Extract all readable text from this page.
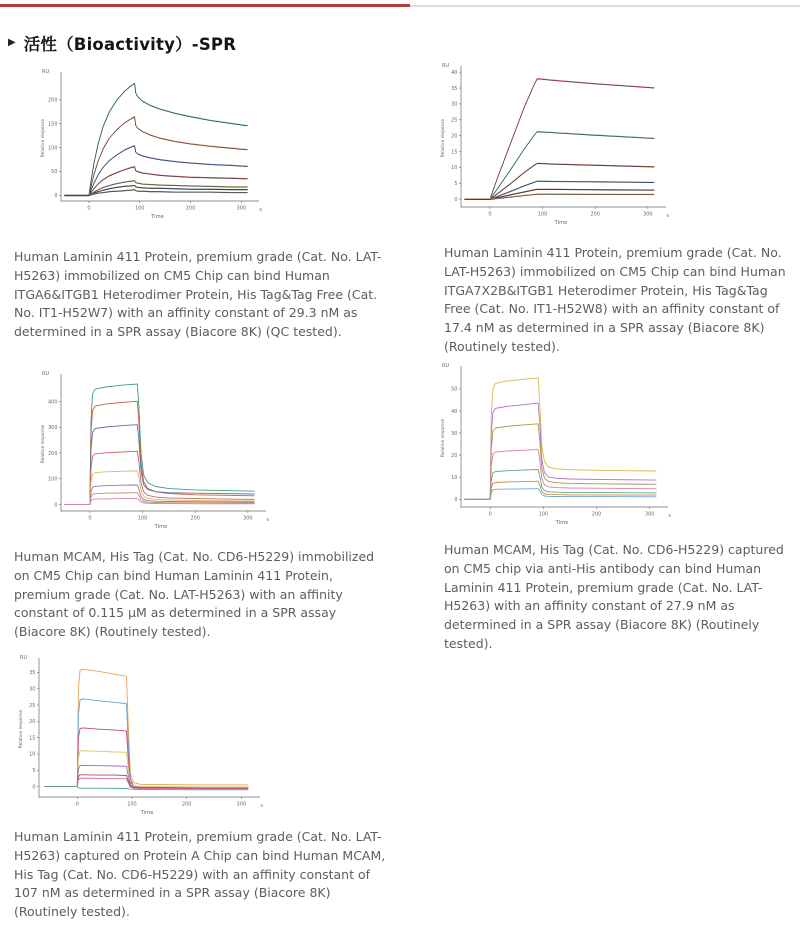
▶ 活性（Bioactivity）-SPR
0
50
100
150
200
0	100	200	300
RU
Relative response
Time
s
0
5
10
15
20
25
30
35
40
0	100	200	300
RU
Relative response
Time
s

Human Laminin 411 Protein, premium grade (Cat. No. LAT-H5263) immobilized on CM5 Chip can bind Human ITGA6&ITGB1 Heterodimer Protein, His Tag&Tag Free (Cat. No. IT1-H52W7) with an affinity constant of 29.3 nM as determined in a SPR assay (Biacore 8K) (QC tested).

Human Laminin 411 Protein, premium grade (Cat. No. LAT-H5263) immobilized on CM5 Chip can bind Human ITGA7X2B&ITGB1 Heterodimer Protein, His Tag&Tag Free (Cat. No. IT1-H52W8) with an affinity constant of 17.4 nM as determined in a SPR assay (Biacore 8K) (Routinely tested).

0
100
200
300
400
0	100	200	300
RU
Relative response
Time
s
0
10
20
30
40
50
0	100	200	300
RU
Relative response
Time
s

Human MCAM, His Tag (Cat. No. CD6-H5229) immobilized on CM5 Chip can bind Human Laminin 411 Protein, premium grade (Cat. No. LAT-H5263) with an affinity constant of 0.115 μM as determined in a SPR assay (Biacore 8K) (Routinely tested).

Human MCAM, His Tag (Cat. No. CD6-H5229) captured on CM5 chip via anti-His antibody can bind Human Laminin 411 Protein, premium grade (Cat. No. LAT-H5263) with an affinity constant of 27.9 nM as determined in a SPR assay (Biacore 8K) (Routinely tested).

0
5
10
15
20
25
30
35
0	100	200	300
RU
Relative response
Time
s

Human Laminin 411 Protein, premium grade (Cat. No. LAT-H5263) captured on Protein A Chip can bind Human MCAM, His Tag (Cat. No. CD6-H5229) with an affinity constant of 107 nM as determined in a SPR assay (Biacore 8K) (Routinely tested).
